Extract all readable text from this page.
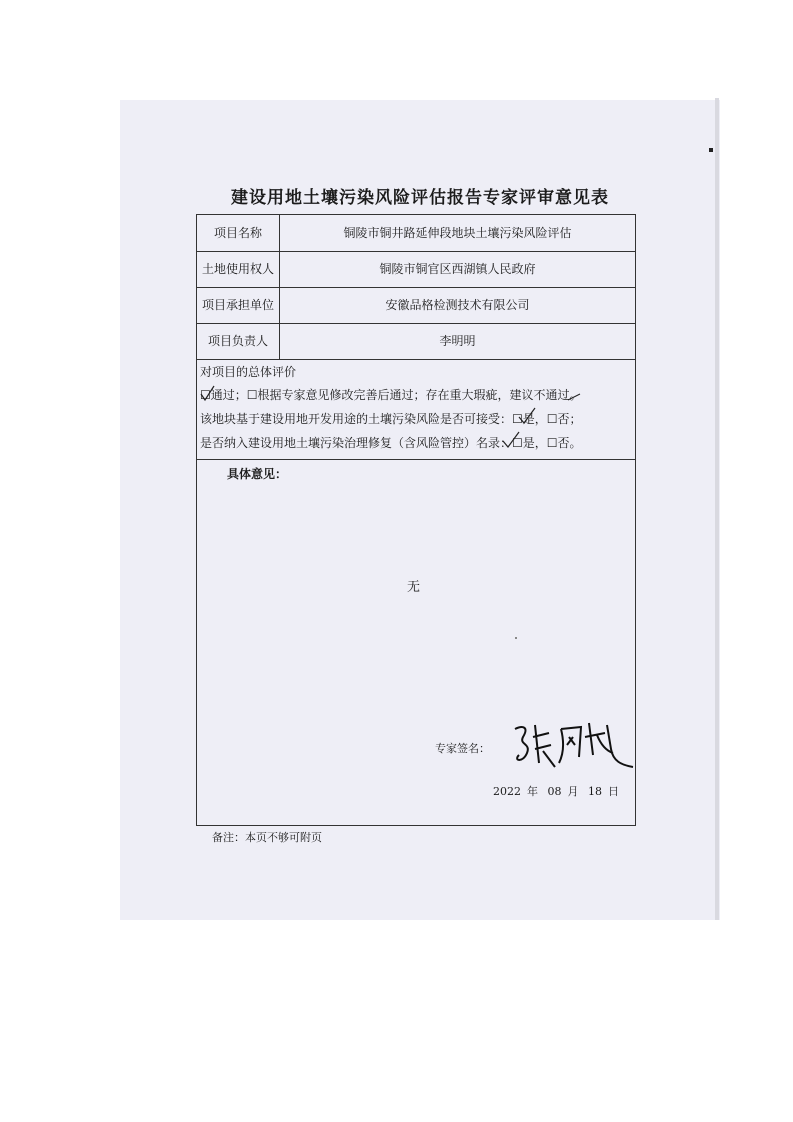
建设用地土壤污染风险评估报告专家评审意见表
项目名称	铜陵市铜井路延伸段地块土壤污染风险评估
土地使用权人	铜陵市铜官区西湖镇人民政府
项目承担单位	安徽品格检测技术有限公司
项目负责人	李明明
对项目的总体评价
☐通过；☐根据专家意见修改完善后通过；存在重大瑕疵，建议不通过。
该地块基于建设用地开发用途的土壤污染风险是否可接受：☐是，☐否；
是否纳入建设用地土壤污染治理修复（含风险管控）名录：☐是，☐否。
具体意见：
无
专家签名：
2022 年 08 月 18 日
备注：本页不够可附页
